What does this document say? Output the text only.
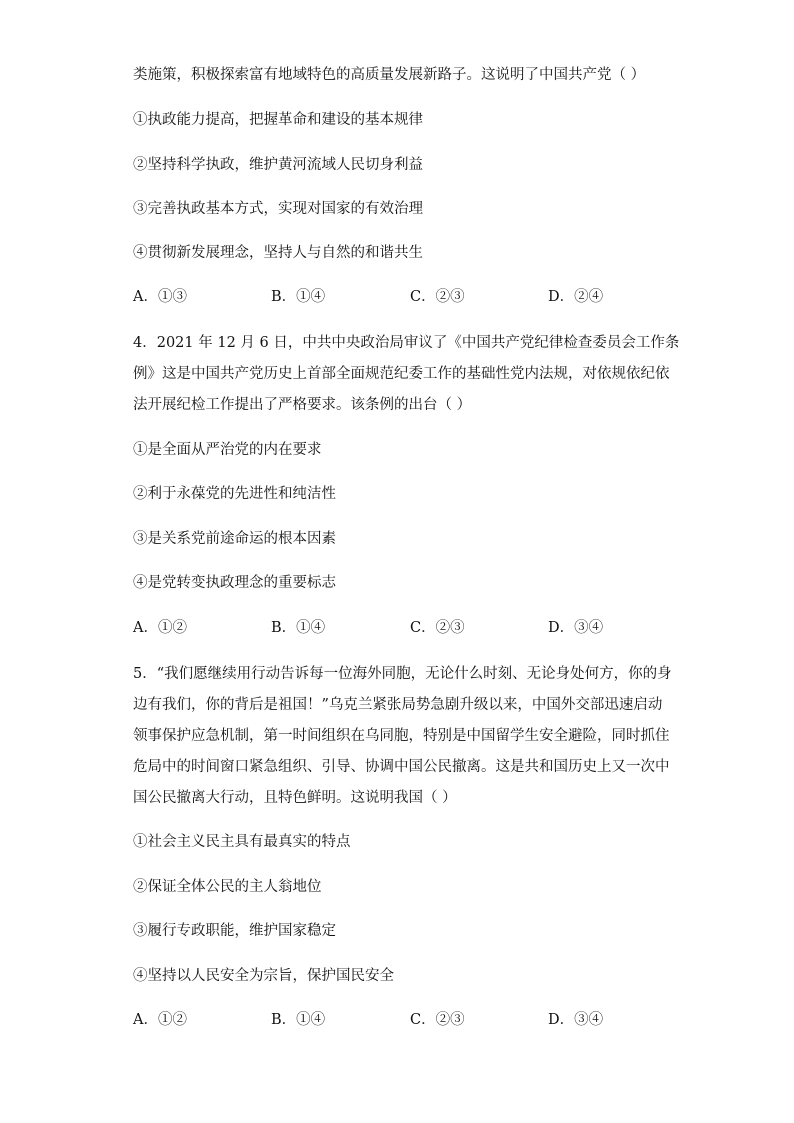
类施策，积极探索富有地域特色的高质量发展新路子。这说明了中国共产党（ ）
①执政能力提高，把握革命和建设的基本规律
②坚持科学执政，维护黄河流域人民切身利益
③完善执政基本方式，实现对国家的有效治理
④贯彻新发展理念，坚持人与自然的和谐共生
A．①③	B．①④	C．②③	D．②④
4．2021 年 12 月 6 日，中共中央政治局审议了《中国共产党纪律检查委员会工作条
例》这是中国共产党历史上首部全面规范纪委工作的基础性党内法规，对依规依纪依
法开展纪检工作提出了严格要求。该条例的出台（ ）
①是全面从严治党的内在要求
②利于永葆党的先进性和纯洁性
③是关系党前途命运的根本因素
④是党转变执政理念的重要标志
A．①②	B．①④	C．②③	D．③④
5．“我们愿继续用行动告诉每一位海外同胞，无论什么时刻、无论身处何方，你的身
边有我们，你的背后是祖国！”乌克兰紧张局势急剧升级以来，中国外交部迅速启动
领事保护应急机制，第一时间组织在乌同胞，特别是中国留学生安全避险，同时抓住
危局中的时间窗口紧急组织、引导、协调中国公民撤离。这是共和国历史上又一次中
国公民撤离大行动，且特色鲜明。这说明我国（ ）
①社会主义民主具有最真实的特点
②保证全体公民的主人翁地位
③履行专政职能，维护国家稳定
④坚持以人民安全为宗旨，保护国民安全
A．①②	B．①④	C．②③	D．③④
